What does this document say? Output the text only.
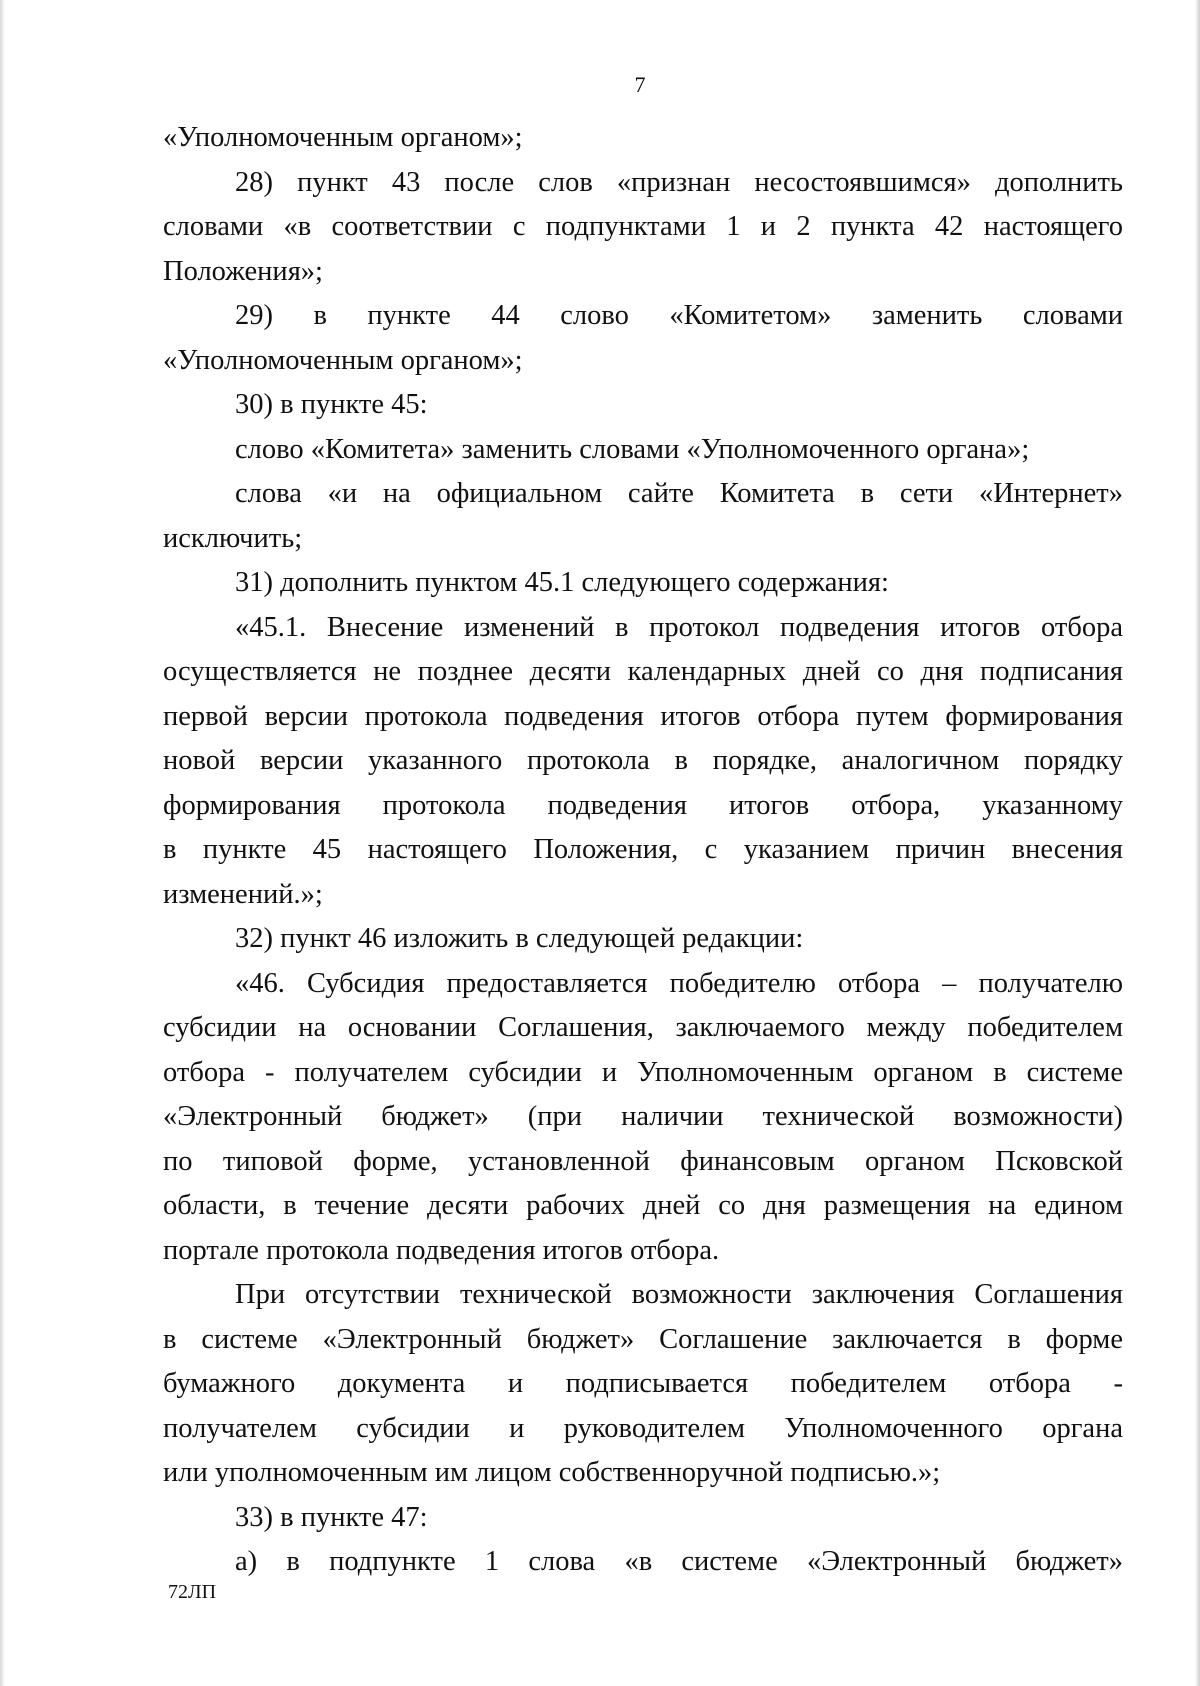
7
«Уполномоченным органом»;
28) пункт 43 после слов «признан несостоявшимся» дополнить
словами «в соответствии с подпунктами 1 и 2 пункта 42 настоящего
Положения»;
29) в пункте 44 слово «Комитетом» заменить словами
«Уполномоченным органом»;
30) в пункте 45:
слово «Комитета» заменить словами «Уполномоченного органа»;
слова «и на официальном сайте Комитета в сети «Интернет»
исключить;
31) дополнить пунктом 45.1 следующего содержания:
«45.1. Внесение изменений в протокол подведения итогов отбора
осуществляется не позднее десяти календарных дней со дня подписания
первой версии протокола подведения итогов отбора путем формирования
новой версии указанного протокола в порядке, аналогичном порядку
формирования протокола подведения итогов отбора, указанному
в пункте 45 настоящего Положения, с указанием причин внесения
изменений.»;
32) пункт 46 изложить в следующей редакции:
«46. Субсидия предоставляется победителю отбора – получателю
субсидии на основании Соглашения, заключаемого между победителем
отбора - получателем субсидии и Уполномоченным органом в системе
«Электронный бюджет» (при наличии технической возможности)
по типовой форме, установленной финансовым органом Псковской
области, в течение десяти рабочих дней со дня размещения на едином
портале протокола подведения итогов отбора.
При отсутствии технической возможности заключения Соглашения
в системе «Электронный бюджет» Соглашение заключается в форме
бумажного документа и подписывается победителем отбора -
получателем субсидии и руководителем Уполномоченного органа
или уполномоченным им лицом собственноручной подписью.»;
33) в пункте 47:
а) в подпункте 1 слова «в системе «Электронный бюджет»
72ЛП
